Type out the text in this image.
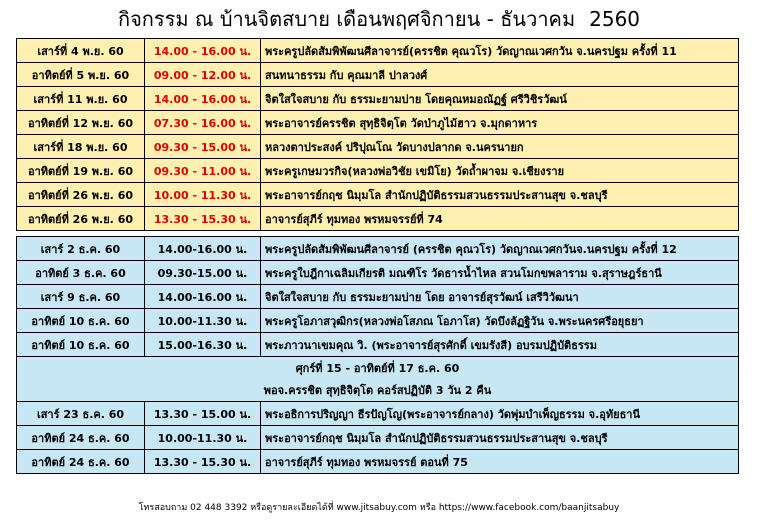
กิจกรรม ณ บ้านจิตสบาย เดือนพฤศจิกายน - ธันวาคม 2560
เสาร์ที่ 4 พ.ย. 60	14.00 - 16.00 น.	พระครูปลัดสัมพิพัฒนศีลาจารย์(ครรชิต คุณวโร) วัดญาณเวศกวัน จ.นครปฐม ครั้งที่ 11
อาทิตย์ที่ 5 พ.ย. 60	09.00 - 12.00 น.	สนทนาธรรม กับ คุณมาลี ปาลวงศ์
เสาร์ที่ 11 พ.ย. 60	14.00 - 16.00 น.	จิตใสใจสบาย กับ ธรรมะยามบ่าย โดยคุณหมอณัฏฐ์ ศรีวิชิรวัฒน์
อาทิตย์ที่ 12 พ.ย. 60	07.30 - 16.00 น.	พระอาจารย์ครรชิต สุทฺธิจิตฺโต วัดป่าภูไม้ฮาว จ.มุกดาหาร
เสาร์ที่ 18 พ.ย. 60	09.30 - 15.00 น.	หลวงตาประสงค์ ปริปุณโณ วัดบางปลากด จ.นครนายก
อาทิตย์ที่ 19 พ.ย. 60	09.30 - 11.00 น.	พระครูเกษมวรกิจ(หลวงพ่อวิชัย เขมิโย) วัดถ้ำผาจม จ.เชียงราย
อาทิตย์ที่ 26 พ.ย. 60	10.00 - 11.30 น.	พระอาจารย์กฤช นิมฺมโล สำนักปฏิบัติธรรมสวนธรรมประสานสุข จ.ชลบุรี
อาทิตย์ที่ 26 พ.ย. 60	13.30 - 15.30 น.	อาจารย์สุภีร์ ทุมทอง พรหมจรรย์ที่ 74

เสาร์ 2 ธ.ค. 60	14.00-16.00 น.	พระครูปลัดสัมพิพัฒนศีลาจารย์ (ครรชิต คุณวโร) วัดญาณเวศกวันจ.นครปฐม ครั้งที่ 12
อาทิตย์ 3 ธ.ค. 60	09.30-15.00 น.	พระครูใบฎีกาเฉลิมเกียรติ มณฑิโร วัดธารน้ำไหล สวนโมกขพลาราม จ.สุราษฎร์ธานี
เสาร์ 9 ธ.ค. 60	14.00-16.00 น.	จิตใสใจสบาย กับ ธรรมะยามบ่าย โดย อาจารย์สุรวัฒน์ เสรีวิวัฒนา
อาทิตย์ 10 ธ.ค. 60	10.00-11.30 น.	พระครูโอภาสวุฒิกร(หลวงพ่อโสภณ โอภาโส) วัดบึงลัฏฐิวัน จ.พระนครศรีอยุธยา
อาทิตย์ 10 ธ.ค. 60	15.00-16.30 น.	พระภาวนาเขมคุณ วิ. (พระอาจารย์สุรศักดิ์ เขมรังสี) อบรมปฏิบัติธรรม
ศุกร์ที่ 15 - อาทิตย์ที่ 17 ธ.ค. 60		
พอจ.ครรชิต สุทฺธิจิตฺโต คอร์สปฏิบัติ 3 วัน 2 คืน		
เสาร์ 23 ธ.ค. 60	13.30 - 15.00 น.	พระอธิการปริญญา ธีรปัญโญ(พระอาจารย์กลาง) วัดพุ่มบำเพ็ญธรรม จ.อุทัยธานี
อาทิตย์ 24 ธ.ค. 60	10.00-11.30 น.	พระอาจารย์กฤช นิมฺมโล สำนักปฏิบัติธรรมสวนธรรมประสานสุข จ.ชลบุรี
อาทิตย์ 24 ธ.ค. 60	13.30 - 15.30 น.	อาจารย์สุภีร์ ทุมทอง พรหมจรรย์ ตอนที่ 75
โทรสอบถาม 02 448 3392 หรือดูรายละเอียดได้ที่ www.jitsabuy.com หรือ https://www.facebook.com/baanjitsabuy
